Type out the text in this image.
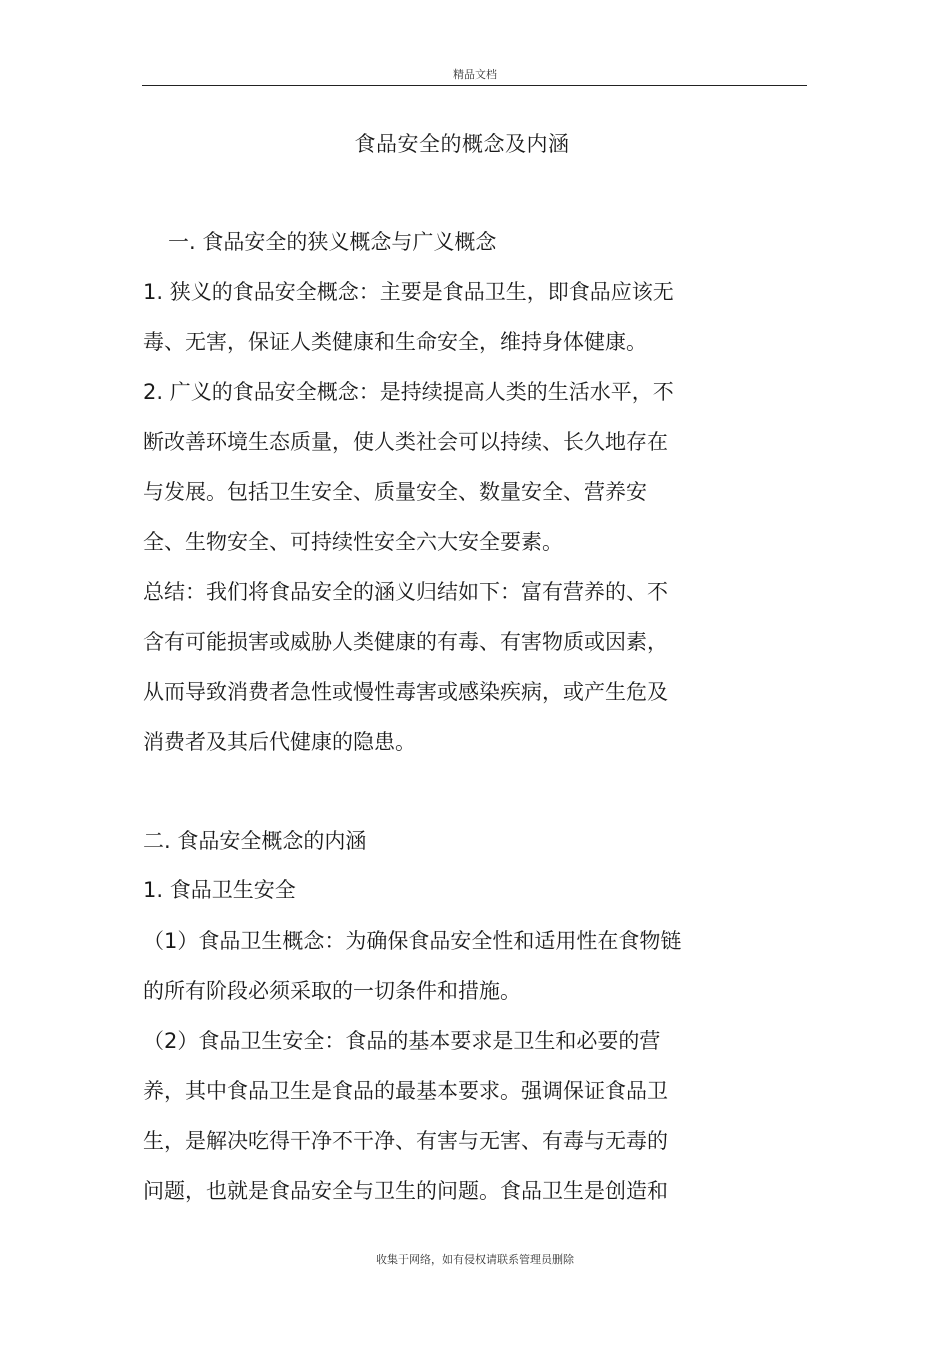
精品文档
食品安全的概念及内涵
一. 食品安全的狭义概念与广义概念
1. 狭义的食品安全概念：主要是食品卫生，即食品应该无
毒、无害，保证人类健康和生命安全，维持身体健康。
2. 广义的食品安全概念：是持续提高人类的生活水平，不
断改善环境生态质量，使人类社会可以持续、长久地存在
与发展。包括卫生安全、质量安全、数量安全、营养安
全、生物安全、可持续性安全六大安全要素。
总结：我们将食品安全的涵义归结如下：富有营养的、不
含有可能损害或威胁人类健康的有毒、有害物质或因素，
从而导致消费者急性或慢性毒害或感染疾病，或产生危及
消费者及其后代健康的隐患。
二. 食品安全概念的内涵
1. 食品卫生安全
（1）食品卫生概念：为确保食品安全性和适用性在食物链
的所有阶段必须采取的一切条件和措施。
（2）食品卫生安全：食品的基本要求是卫生和必要的营
养，其中食品卫生是食品的最基本要求。强调保证食品卫
生，是解决吃得干净不干净、有害与无害、有毒与无毒的
问题，也就是食品安全与卫生的问题。食品卫生是创造和
收集于网络，如有侵权请联系管理员删除
